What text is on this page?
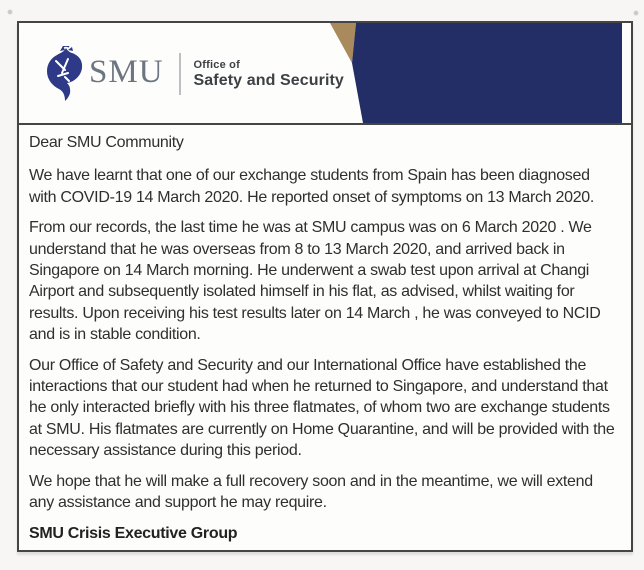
SMU	Office of
Safety and Security

Dear SMU Community

We have learnt that one of our exchange students from Spain has been diagnosed with COVID-19 14 March 2020. He reported onset of symptoms on 13 March 2020.

From our records, the last time he was at SMU campus was on 6 March 2020 . We understand that he was overseas from 8 to 13 March 2020, and arrived back in Singapore on 14 March morning. He underwent a swab test upon arrival at Changi Airport and subsequently isolated himself in his flat, as advised, whilst waiting for results. Upon receiving his test results later on 14 March , he was conveyed to NCID and is in stable condition.

Our Office of Safety and Security and our International Office have established the interactions that our student had when he returned to Singapore, and understand that he only interacted briefly with his three flatmates, of whom two are exchange students at SMU. His flatmates are currently on Home Quarantine, and will be provided with the necessary assistance during this period.

We hope that he will make a full recovery soon and in the meantime, we will extend any assistance and support he may require.

SMU Crisis Executive Group
